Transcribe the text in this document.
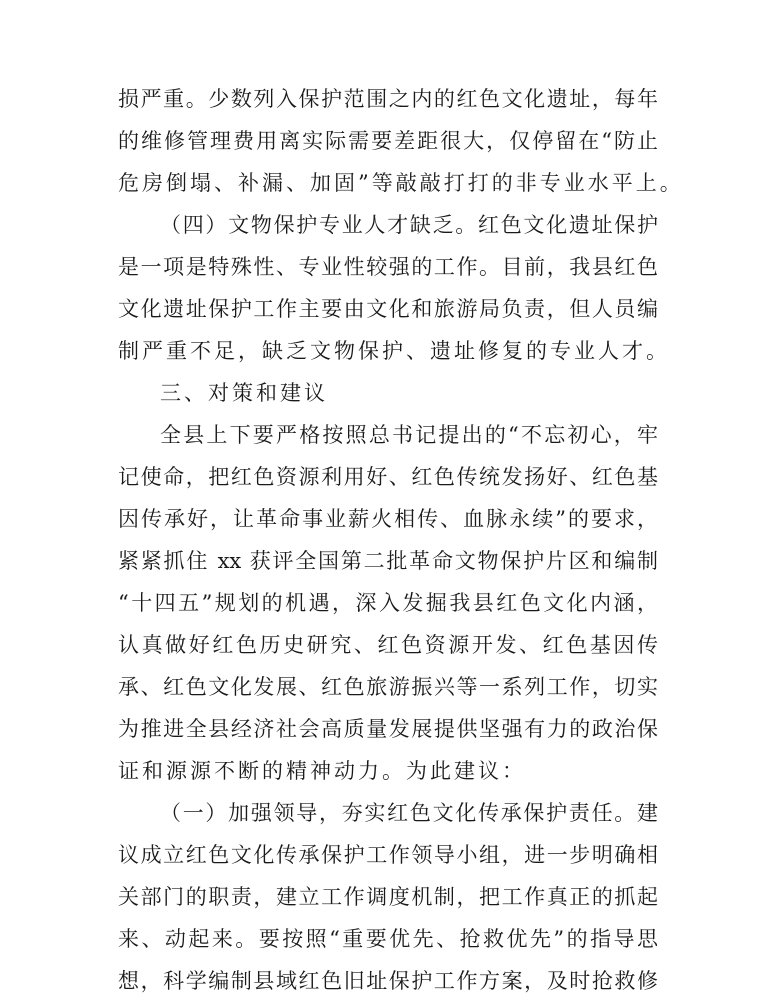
损严重。少数列入保护范围之内的红色文化遗址，每年
的维修管理费用离实际需要差距很大，仅停留在“防止
危房倒塌、补漏、加固”等敲敲打打的非专业水平上。
（四）文物保护专业人才缺乏。红色文化遗址保护
是一项是特殊性、专业性较强的工作。目前，我县红色
文化遗址保护工作主要由文化和旅游局负责，但人员编
制严重不足，缺乏文物保护、遗址修复的专业人才。
三、对策和建议
全县上下要严格按照总书记提出的“不忘初心，牢
记使命，把红色资源利用好、红色传统发扬好、红色基
因传承好，让革命事业薪火相传、血脉永续”的要求，
紧紧抓住 xx 获评全国第二批革命文物保护片区和编制
“十四五”规划的机遇，深入发掘我县红色文化内涵，
认真做好红色历史研究、红色资源开发、红色基因传
承、红色文化发展、红色旅游振兴等一系列工作，切实
为推进全县经济社会高质量发展提供坚强有力的政治保
证和源源不断的精神动力。为此建议：
（一）加强领导，夯实红色文化传承保护责任。建
议成立红色文化传承保护工作领导小组，进一步明确相
关部门的职责，建立工作调度机制，把工作真正的抓起
来、动起来。要按照“重要优先、抢救优先”的指导思
想，科学编制县域红色旧址保护工作方案，及时抢救修
